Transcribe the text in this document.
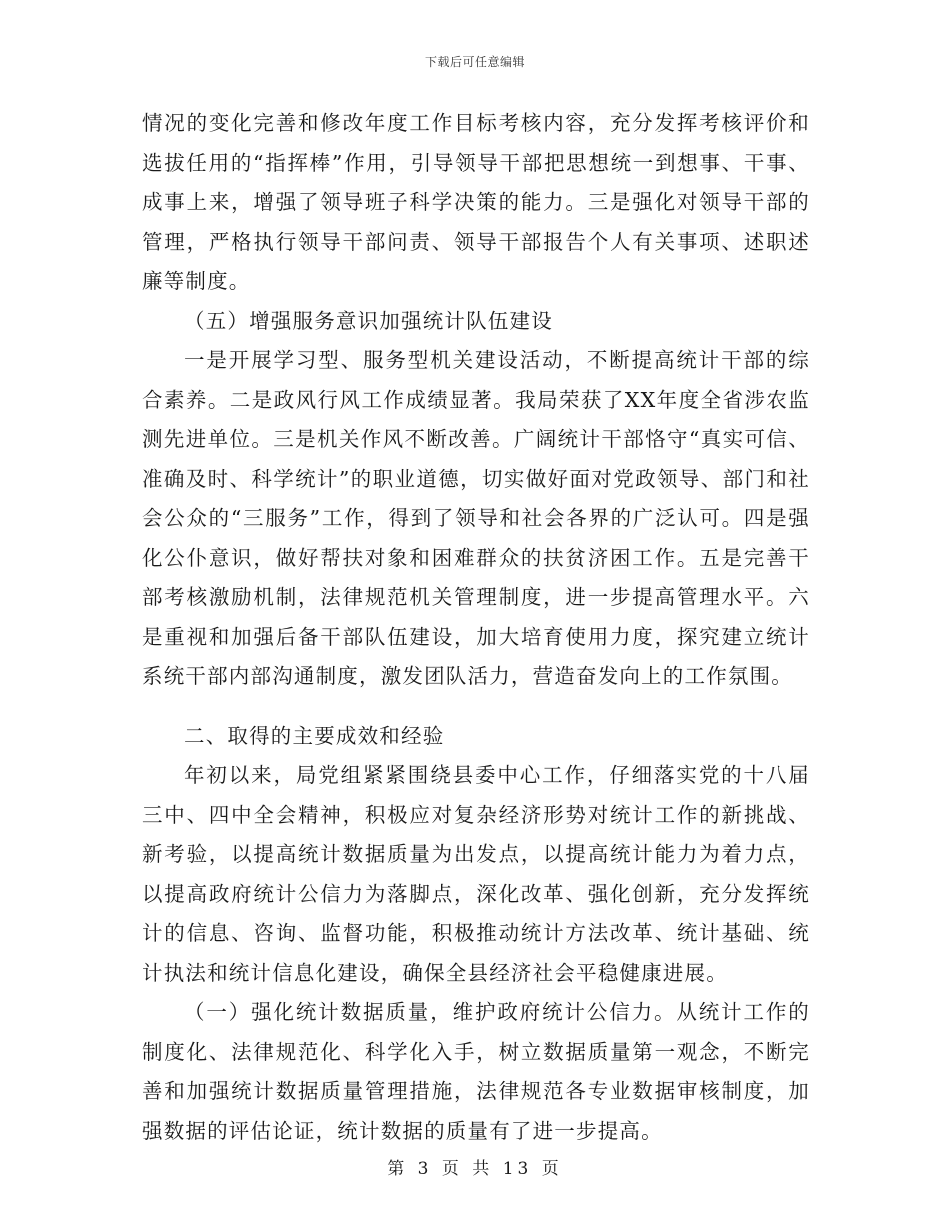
下载后可任意编辑

情况的变化完善和修改年度工作目标考核内容，充分发挥考核评价和选拔任用的“指挥棒”作用，引导领导干部把思想统一到想事、干事、成事上来，增强了领导班子科学决策的能力。三是强化对领导干部的管理，严格执行领导干部问责、领导干部报告个人有关事项、述职述廉等制度。

（五）增强服务意识加强统计队伍建设

一是开展学习型、服务型机关建设活动，不断提高统计干部的综合素养。二是政风行风工作成绩显著。我局荣获了XX年度全省涉农监测先进单位。三是机关作风不断改善。广阔统计干部恪守“真实可信、准确及时、科学统计”的职业道德，切实做好面对党政领导、部门和社会公众的“三服务”工作，得到了领导和社会各界的广泛认可。四是强化公仆意识，做好帮扶对象和困难群众的扶贫济困工作。五是完善干部考核激励机制，法律规范机关管理制度，进一步提高管理水平。六是重视和加强后备干部队伍建设，加大培育使用力度，探究建立统计系统干部内部沟通制度，激发团队活力，营造奋发向上的工作氛围。

二、取得的主要成效和经验

年初以来，局党组紧紧围绕县委中心工作，仔细落实党的十八届三中、四中全会精神，积极应对复杂经济形势对统计工作的新挑战、新考验，以提高统计数据质量为出发点，以提高统计能力为着力点，以提高政府统计公信力为落脚点，深化改革、强化创新，充分发挥统计的信息、咨询、监督功能，积极推动统计方法改革、统计基础、统计执法和统计信息化建设，确保全县经济社会平稳健康进展。

（一）强化统计数据质量，维护政府统计公信力。从统计工作的制度化、法律规范化、科学化入手，树立数据质量第一观念，不断完善和加强统计数据质量管理措施，法律规范各专业数据审核制度，加强数据的评估论证，统计数据的质量有了进一步提高。

第 3 页 共 13 页
